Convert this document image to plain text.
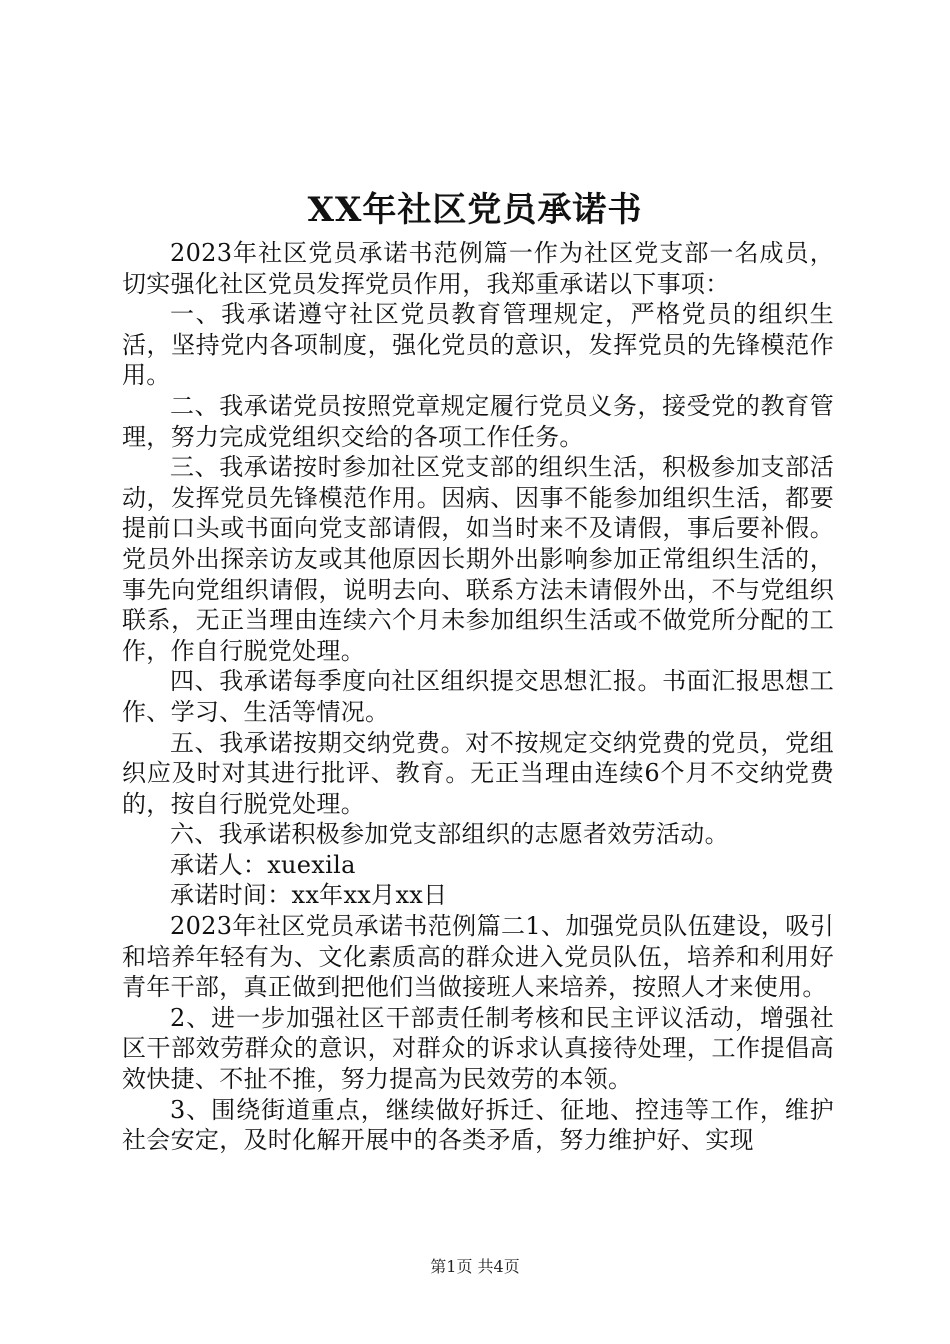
XX年社区党员承诺书

2023年社区党员承诺书范例篇一作为社区党支部一名成员，切实强化社区党员发挥党员作用，我郑重承诺以下事项：

一、我承诺遵守社区党员教育管理规定，严格党员的组织生活，坚持党内各项制度，强化党员的意识，发挥党员的先锋模范作用。

二、我承诺党员按照党章规定履行党员义务，接受党的教育管理，努力完成党组织交给的各项工作任务。

三、我承诺按时参加社区党支部的组织生活，积极参加支部活动，发挥党员先锋模范作用。因病、因事不能参加组织生活，都要提前口头或书面向党支部请假，如当时来不及请假，事后要补假。党员外出探亲访友或其他原因长期外出影响参加正常组织生活的，事先向党组织请假，说明去向、联系方法未请假外出，不与党组织联系，无正当理由连续六个月未参加组织生活或不做党所分配的工作，作自行脱党处理。

四、我承诺每季度向社区组织提交思想汇报。书面汇报思想工作、学习、生活等情况。

五、我承诺按期交纳党费。对不按规定交纳党费的党员，党组织应及时对其进行批评、教育。无正当理由连续6个月不交纳党费的，按自行脱党处理。

六、我承诺积极参加党支部组织的志愿者效劳活动。

承诺人：xuexila

承诺时间：xx年xx月xx日

2023年社区党员承诺书范例篇二1、加强党员队伍建设，吸引和培养年轻有为、文化素质高的群众进入党员队伍，培养和利用好青年干部，真正做到把他们当做接班人来培养，按照人才来使用。

2、进一步加强社区干部责任制考核和民主评议活动，增强社区干部效劳群众的意识，对群众的诉求认真接待处理，工作提倡高效快捷、不扯不推，努力提高为民效劳的本领。

3、围绕街道重点，继续做好拆迁、征地、控违等工作，维护社会安定，及时化解开展中的各类矛盾，努力维护好、实现

第1页 共4页
